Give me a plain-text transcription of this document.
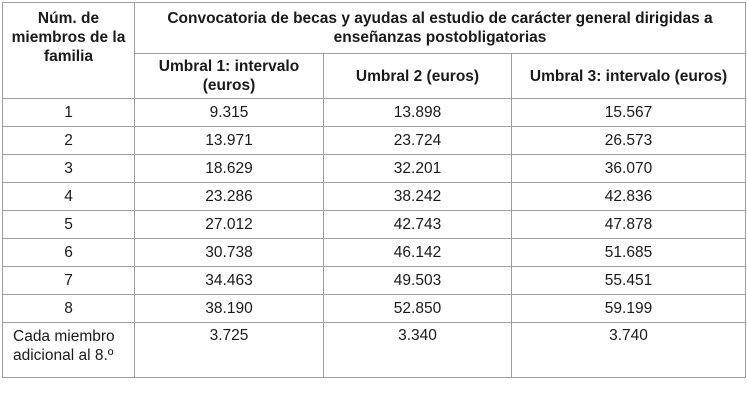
Núm. de miembros de la familia	Convocatoria de becas y ayudas al estudio de carácter general dirigidas a enseñanzas postobligatorias		
	Umbral 1: intervalo (euros)	Umbral 2 (euros)	Umbral 3: intervalo (euros)
1	9.315	13.898	15.567
2	13.971	23.724	26.573
3	18.629	32.201	36.070
4	23.286	38.242	42.836
5	27.012	42.743	47.878
6	30.738	46.142	51.685
7	34.463	49.503	55.451
8	38.190	52.850	59.199
Cada miembro adicional al 8.º	3.725	3.340	3.740
